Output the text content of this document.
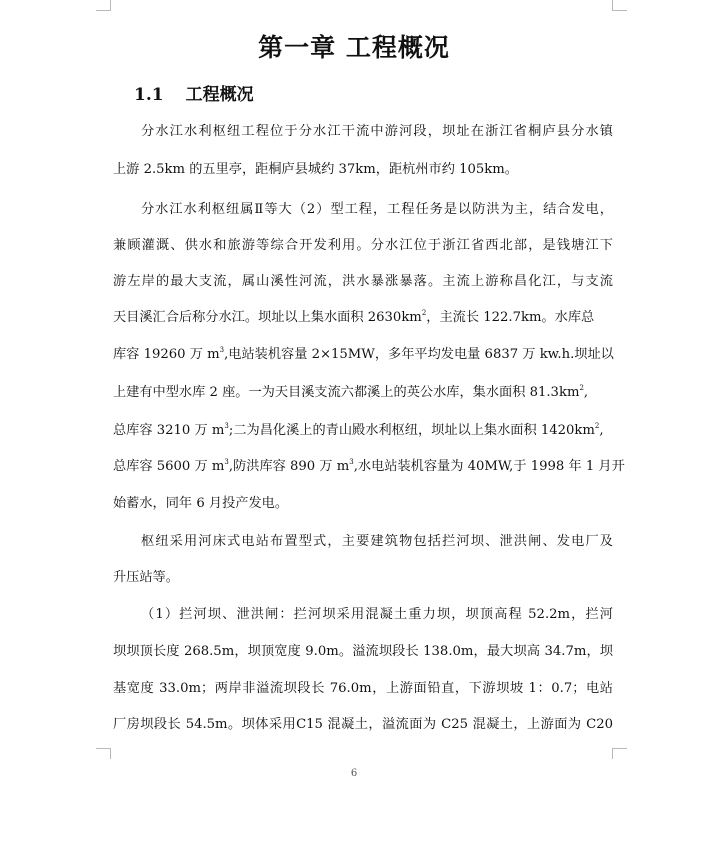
第一章 工程概况
1.1 工程概况
分水江水利枢纽工程位于分水江干流中游河段，坝址在浙江省桐庐县分水镇
上游 2.5km 的五里亭，距桐庐县城约 37km，距杭州市约 105km。
分水江水利枢纽属Ⅱ等大（2）型工程，工程任务是以防洪为主，结合发电，
兼顾灌溉、供水和旅游等综合开发利用。分水江位于浙江省西北部，是钱塘江下
游左岸的最大支流，属山溪性河流，洪水暴涨暴落。主流上游称昌化江，与支流
天目溪汇合后称分水江。坝址以上集水面积 $2630km^2$，主流长 122.7km。水库总
库容 19260 万 $m^3$,电站装机容量 2×15MW，多年平均发电量 6837 万 kw.h.坝址以
上建有中型水库 2 座。一为天目溪支流六都溪上的英公水库，集水面积 $81.3km^2$,
总库容 3210 万 $m^3$;二为昌化溪上的青山殿水利枢纽，坝址以上集水面积 $1420km^2$,
总库容 5600 万 $m^3$,防洪库容 890 万 $m^3$,水电站装机容量为 40MW,于 1998 年 1 月开
始蓄水，同年 6 月投产发电。
枢纽采用河床式电站布置型式，主要建筑物包括拦河坝、泄洪闸、发电厂及
升压站等。
（1）拦河坝、泄洪闸：拦河坝采用混凝土重力坝，坝顶高程 52.2m，拦河
坝坝顶长度 268.5m，坝顶宽度 9.0m。溢流坝段长 138.0m，最大坝高 34.7m，坝
基宽度 33.0m；两岸非溢流坝段长 76.0m，上游面铅直，下游坝坡 1：0.7；电站
厂房坝段长 54.5m。坝体采用C15 混凝土，溢流面为 C25 混凝土，上游面为 C20
6
